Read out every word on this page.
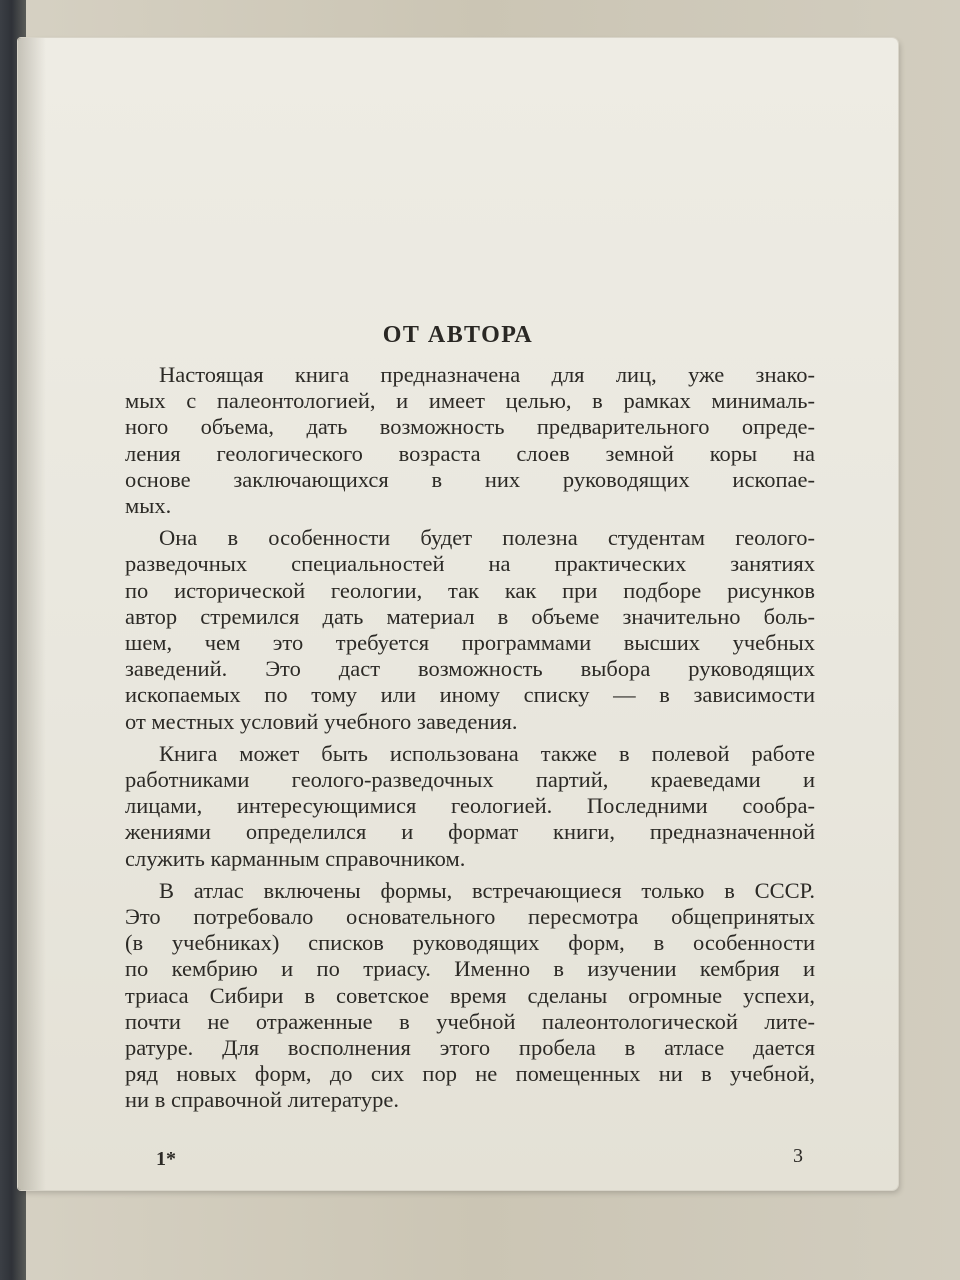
ОТ АВТОРА

Настоящая книга предназначена для лиц, уже знако-
мых с палеонтологией, и имеет целью, в рамках минималь-
ного объема, дать возможность предварительного опреде-
ления геологического возраста слоев земной коры на
основе заключающихся в них руководящих ископае-
мых.

Она в особенности будет полезна студентам геолого-
разведочных специальностей на практических занятиях
по исторической геологии, так как при подборе рисунков
автор стремился дать материал в объеме значительно боль-
шем, чем это требуется программами высших учебных
заведений. Это даст возможность выбора руководящих
ископаемых по тому или иному списку — в зависимости
от местных условий учебного заведения.

Книга может быть использована также в полевой работе
работниками геолого-разведочных партий, краеведами и
лицами, интересующимися геологией. Последними сообра-
жениями определился и формат книги, предназначенной
служить карманным справочником.

В атлас включены формы, встречающиеся только в СССР.
Это потребовало основательного пересмотра общепринятых
(в учебниках) списков руководящих форм, в особенности
по кембрию и по триасу. Именно в изучении кембрия и
триаса Сибири в советское время сделаны огромные успехи,
почти не отраженные в учебной палеонтологической лите-
ратуре. Для восполнения этого пробела в атласе дается
ряд новых форм, до сих пор не помещенных ни в учебной,
ни в справочной литературе.

1*	3
